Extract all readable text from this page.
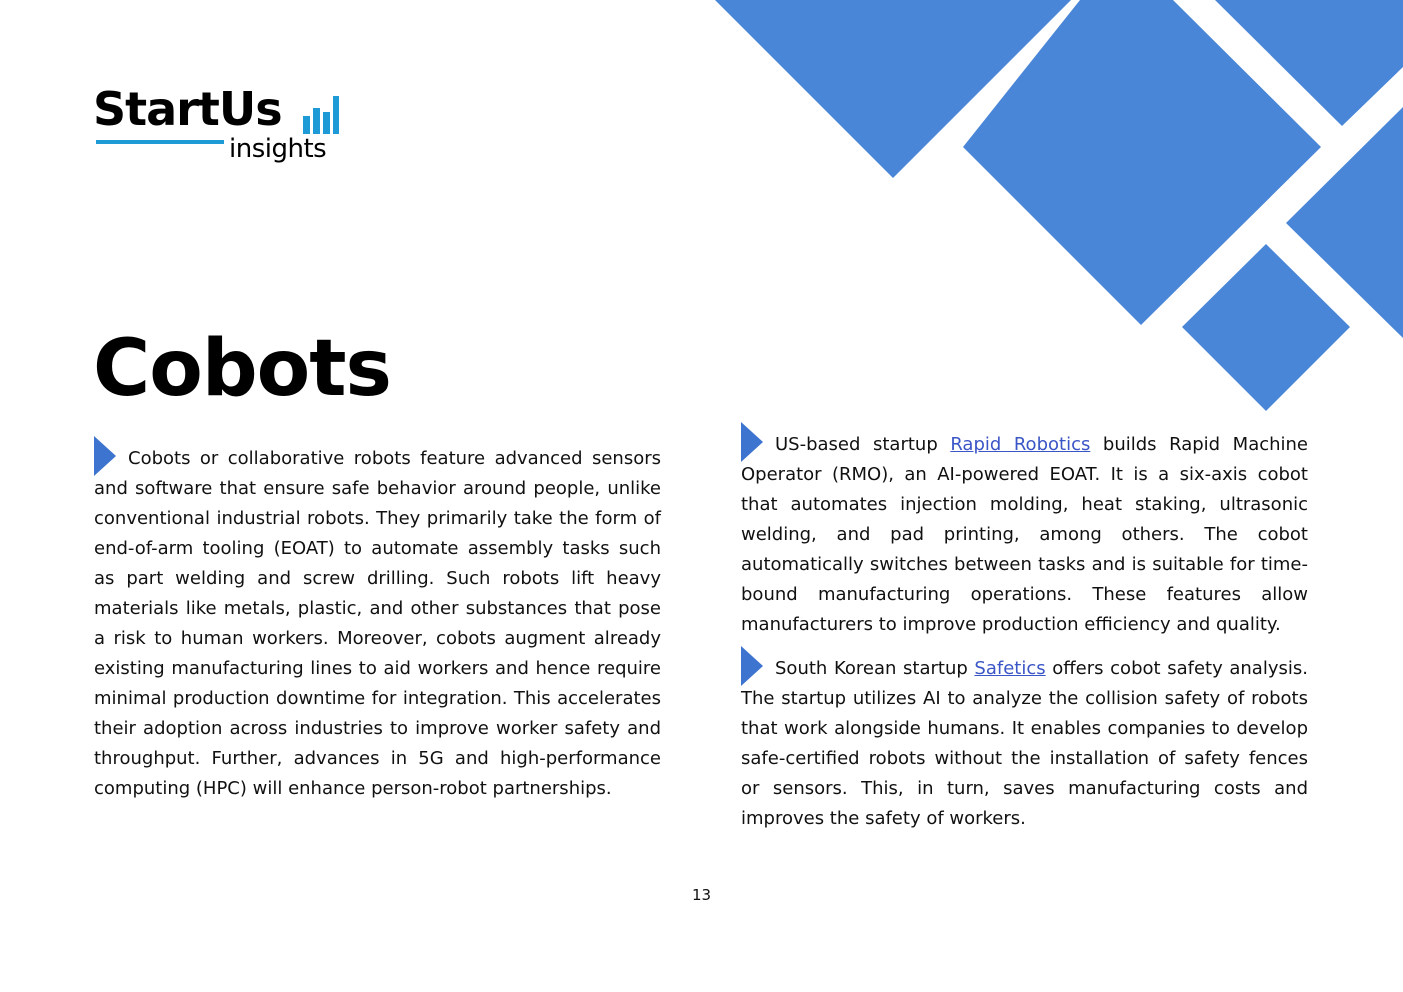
StartUs
insights
Cobots

Cobots or collaborative robots feature advanced sensors and software that ensure safe behavior around people, unlike conventional industrial robots. They primarily take the form of end-of-arm tooling (EOAT) to automate assembly tasks such as part welding and screw drilling. Such robots lift heavy materials like metals, plastic, and other substances that pose a risk to human workers. Moreover, cobots augment already existing manufacturing lines to aid workers and hence require minimal production downtime for integration. This accelerates their adoption across industries to improve worker safety and throughput. Further, advances in 5G and high-performance computing (HPC) will enhance person-robot partnerships.

US-based startup Rapid Robotics builds Rapid Machine Operator (RMO), an AI-powered EOAT. It is a six-axis cobot that automates injection molding, heat staking, ultrasonic welding, and pad printing, among others. The cobot automatically switches between tasks and is suitable for time-bound manufacturing operations. These features allow manufacturers to improve production efficiency and quality.

South Korean startup Safetics offers cobot safety analysis. The startup utilizes AI to analyze the collision safety of robots that work alongside humans. It enables companies to develop safe-certified robots without the installation of safety fences or sensors. This, in turn, saves manufacturing costs and improves the safety of workers.

13
